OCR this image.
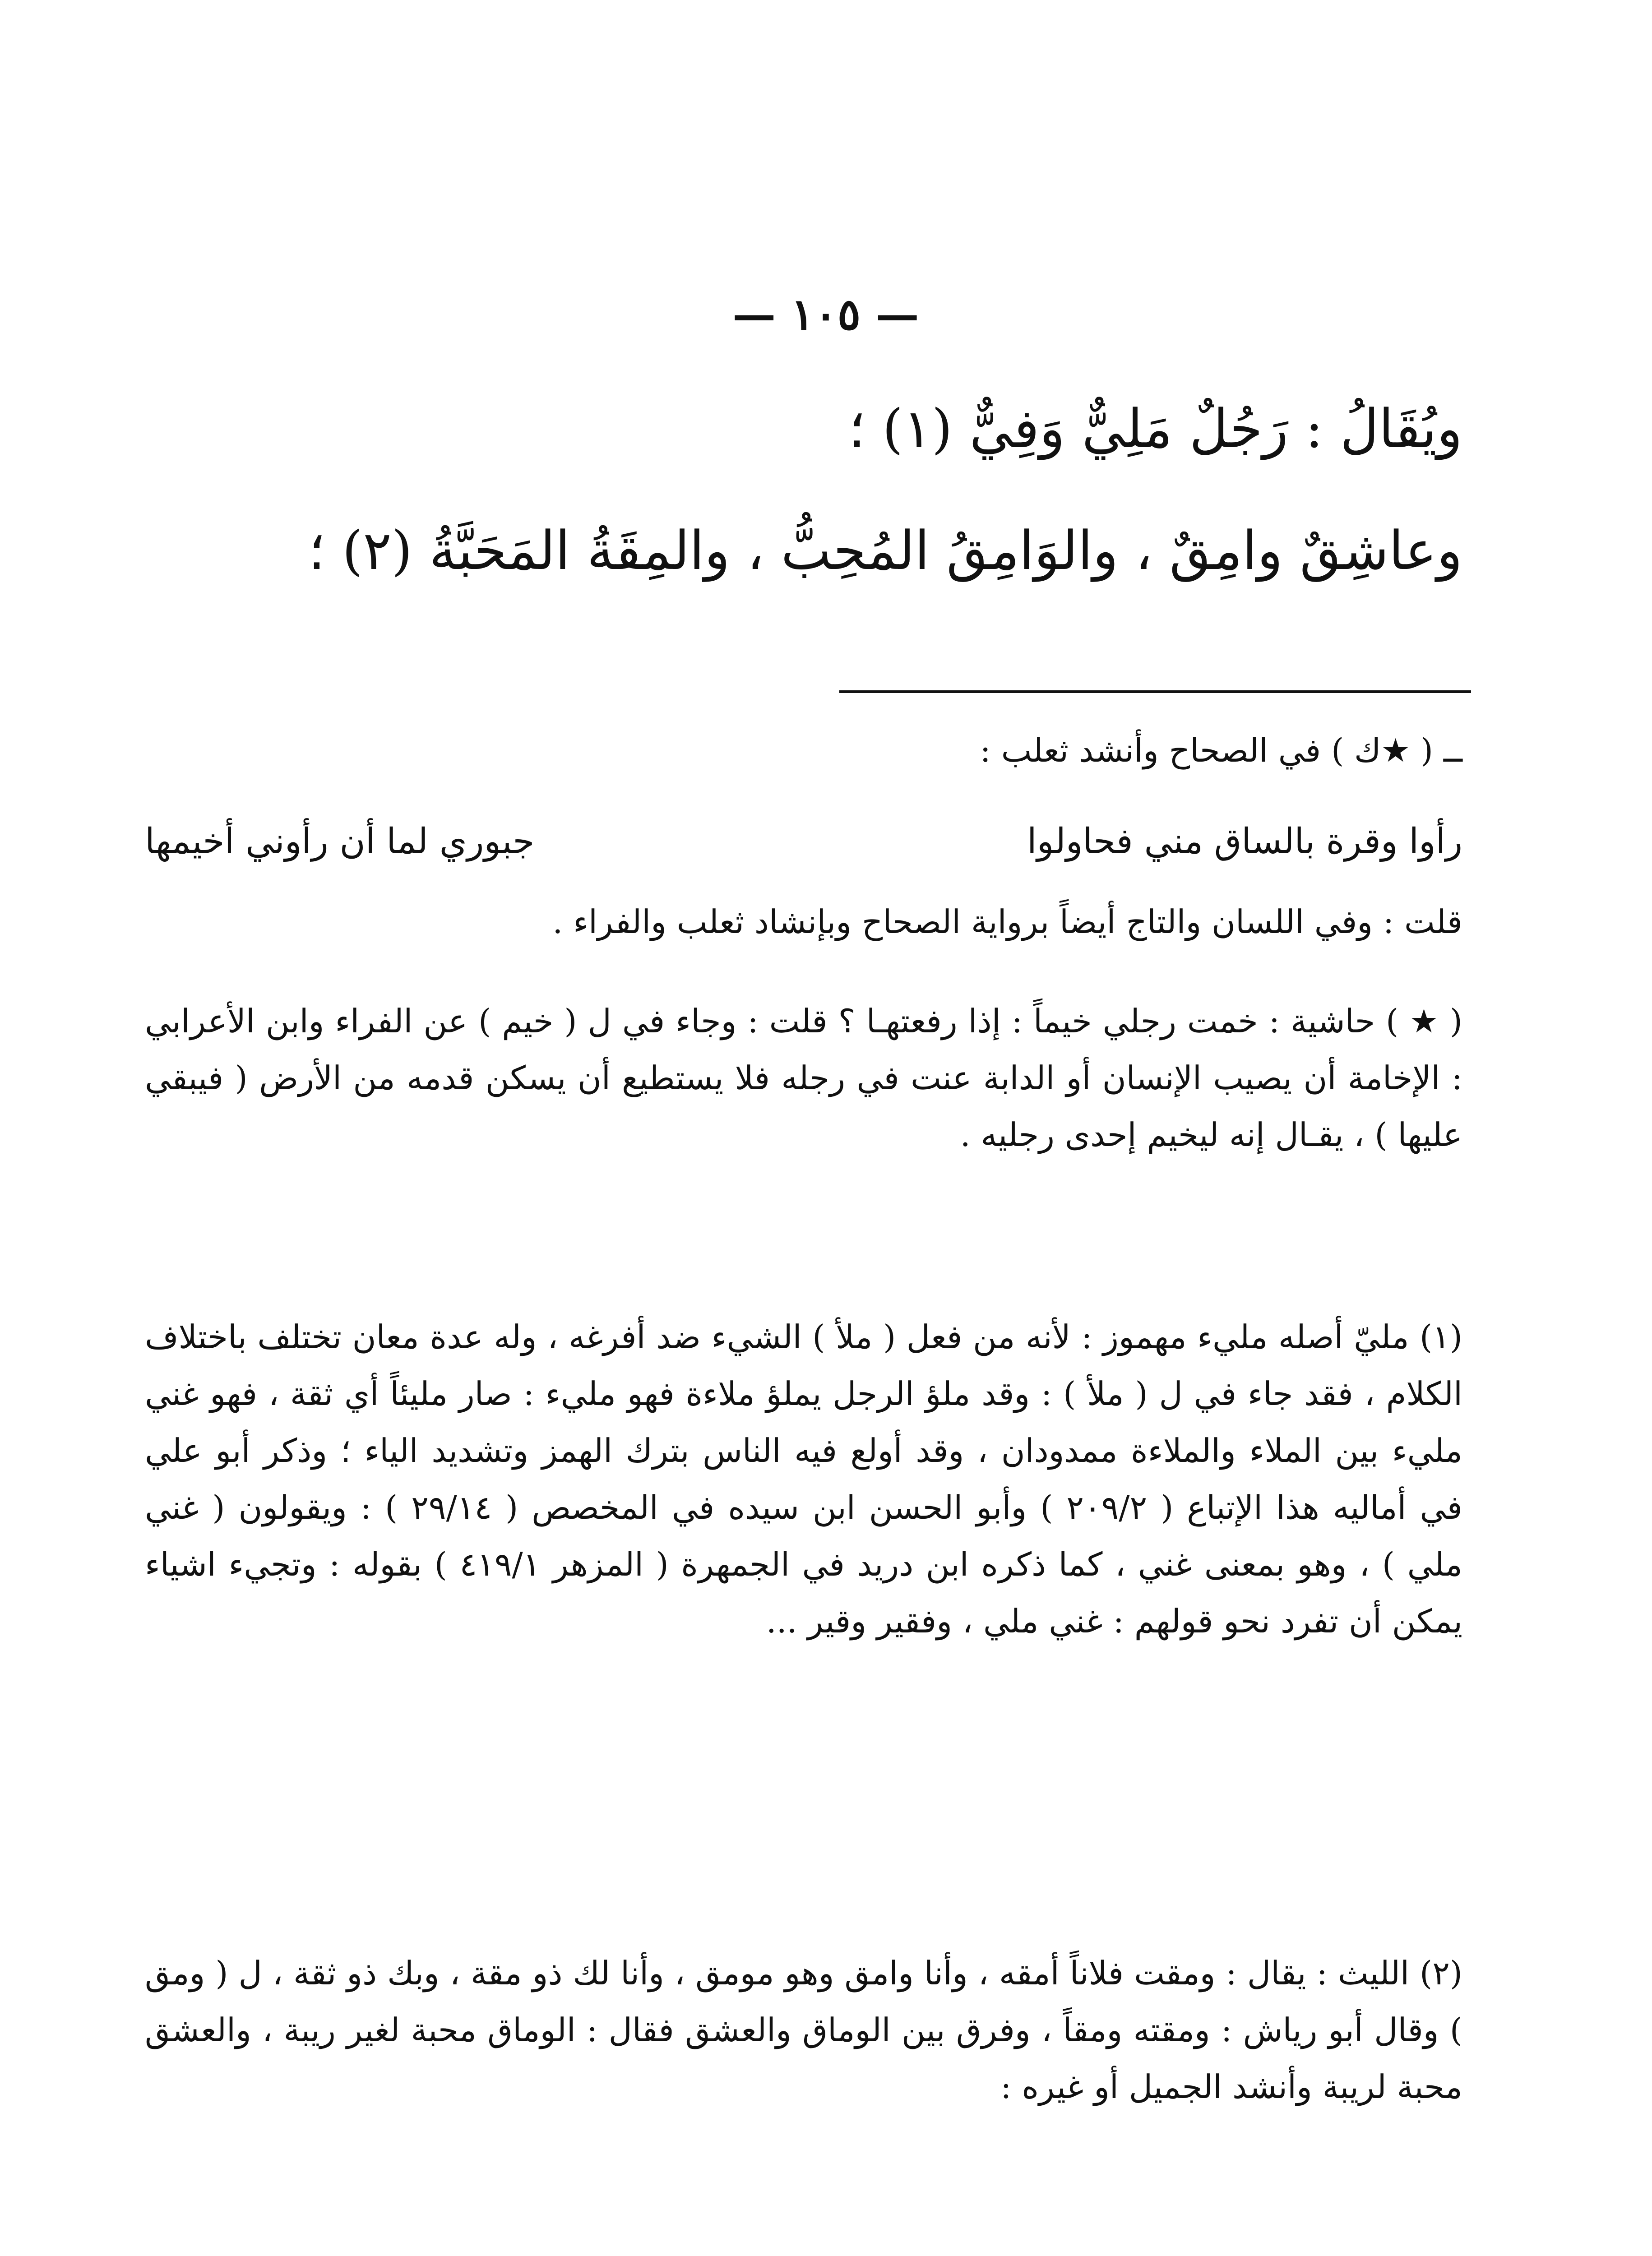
— ١٠٥ —
ويُقَالُ : رَجُلٌ مَلِيٌّ وَفِيٌّ (١) ؛
وعاشِقٌ وامِقٌ ، والوَامِقُ المُحِبُّ ، والمِقَةُ المَحَبَّةُ (٢) ؛
ــ ( ★ك ) في الصحاح وأنشد ثعلب :
رأوا وقرة بالساق مني فحاولوا
جبوري لما أن رأوني أخيمها
قلت : وفي اللسان والتاج أيضاً برواية الصحاح وبإنشاد ثعلب والفراء .
( ★ ) حاشية : خمت رجلي خيماً : إذا رفعتهـا ؟ قلت : وجاء في ل ( خيم ) عن الفراء وابن الأعرابي : الإخامة أن يصيب الإنسان أو الدابة عنت في رجله فلا يستطيع أن يسكن قدمه من الأرض ( فيبقي عليها ) ، يقـال إنه ليخيم إحدى رجليه .
(١) مليّ أصله مليء مهموز : لأنه من فعل ( ملأ ) الشيء ضد أفرغه ، وله عدة معان تختلف باختلاف الكلام ، فقد جاء في ل ( ملأ ) : وقد ملؤ الرجل يملؤ ملاءة فهو مليء : صار مليئاً أي ثقة ، فهو غني مليء بين الملاء والملاءة ممدودان ، وقد أولع فيه الناس بترك الهمز وتشديد الياء ؛ وذكر أبو علي في أماليه هذا الإتباع ( ٢٠٩/٢ ) وأبو الحسن ابن سيده في المخصص ( ٢٩/١٤ ) : ويقولون ( غني ملي ) ، وهو بمعنى غني ، كما ذكره ابن دريد في الجمهرة ( المزهر ٤١٩/١ ) بقوله : وتجيء اشياء يمكن أن تفرد نحو قولهم : غني ملي ، وفقير وقير ...
(٢) الليث : يقال : ومقت فلاناً أمقه ، وأنا وامق وهو مومق ، وأنا لك ذو مقة ، وبك ذو ثقة ، ل ( ومق ) وقال أبو رياش : ومقته ومقاً ، وفرق بين الوماق والعشق فقال : الوماق محبة لغير ريبة ، والعشق محبة لريبة وأنشد الجميل أو غيره :
